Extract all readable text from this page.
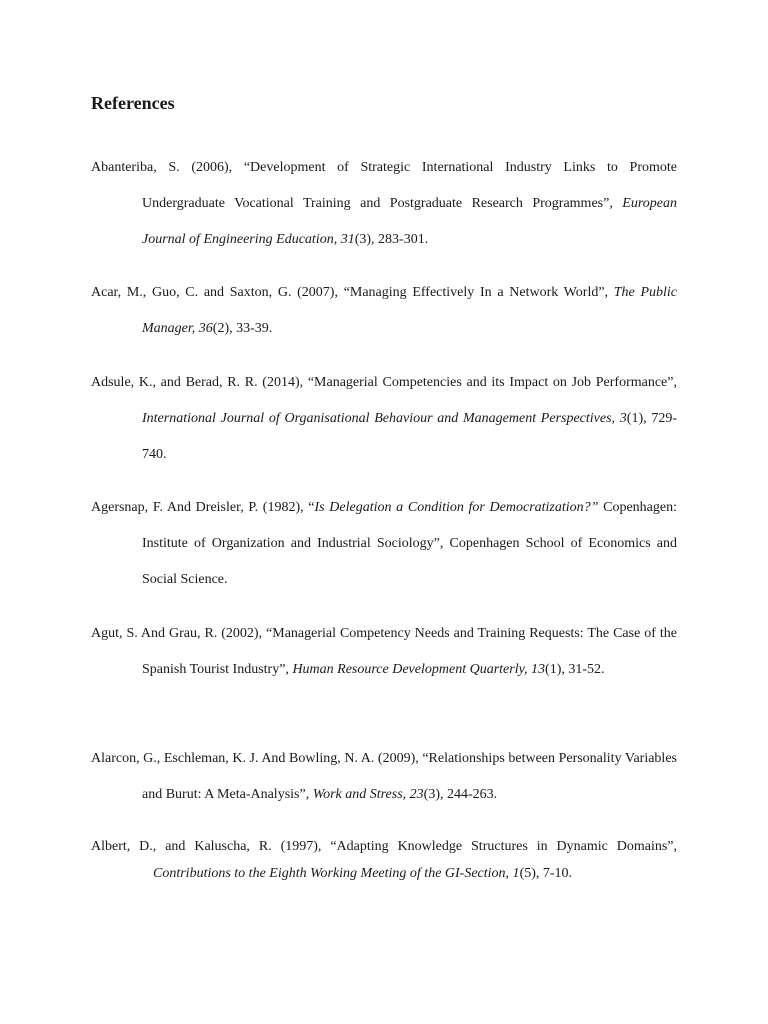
References

Abanteriba, S. (2006), “Development of Strategic International Industry Links to Promote Undergraduate Vocational Training and Postgraduate Research Programmes”, European Journal of Engineering Education, 31(3), 283-301.

Acar, M., Guo, C. and Saxton, G. (2007), “Managing Effectively In a Network World”, The Public Manager, 36(2), 33-39.

Adsule, K., and Berad, R. R. (2014), “Managerial Competencies and its Impact on Job Performance”, International Journal of Organisational Behaviour and Management Perspectives, 3(1), 729-740.

Agersnap, F. And Dreisler, P. (1982), “Is Delegation a Condition for Democratization?” Copenhagen: Institute of Organization and Industrial Sociology”, Copenhagen School of Economics and Social Science.

Agut, S. And Grau, R. (2002), “Managerial Competency Needs and Training Requests: The Case of the Spanish Tourist Industry”, Human Resource Development Quarterly, 13(1), 31-52.

Alarcon, G., Eschleman, K. J. And Bowling, N. A. (2009), “Relationships between Personality Variables and Burut: A Meta-Analysis”, Work and Stress, 23(3), 244-263.

Albert, D., and Kaluscha, R. (1997), “Adapting Knowledge Structures in Dynamic Domains”, Contributions to the Eighth Working Meeting of the GI-Section, 1(5), 7-10.
